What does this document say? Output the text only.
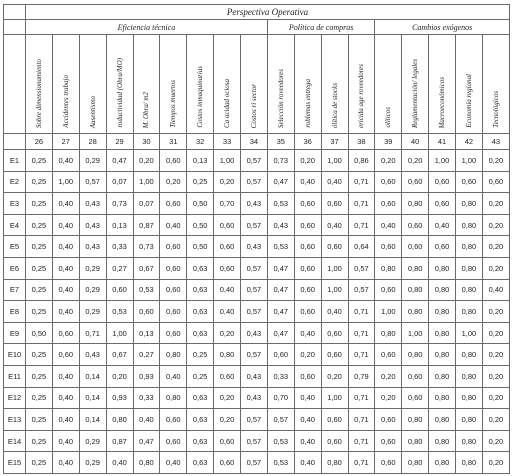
	Perspectiva Operativa																	
	Eficiencia técnica									Política de compras				Cambios exógenos				

	Sobre dimensionamiento	Accidentes trabajo	Ausentismo	roductividad (Obra/MO)	M. Obra/ m2	Tiempos muertos	Costos inmaquinarias	Ca acidad ociosa	Costos rí sector	Selección roveedores	roblemas entrega	ólítica de stocks	ericida age roveedores	olíticos	Reglamentación/ legales	Macroeconómicos	Economía regional	Tecnológicos

	26	27	28	29	30	31	32	33	34	35	36	37	38	39	40	41	42	43
E1	0,25	0,40	0,29	0,47	0,20	0,60	0,13	1,00	0,57	0,73	0,20	1,00	0,86	0,20	0,20	1,00	1,00	0,20
E2	0,25	1,00	0,57	0,07	1,00	0,20	0,25	0,20	0,57	0,47	0,40	0,40	0,71	0,60	0,60	0,60	0,60	0,60
E3	0,25	0,40	0,43	0,73	0,07	0,60	0,50	0,70	0,43	0,53	0,60	0,60	0,71	0,60	0,80	0,60	0,80	0,20
E4	0,25	0,40	0,43	0,13	0,87	0,40	0,50	0,60	0,57	0,43	0,60	0,40	0,71	0,40	0,60	0,40	0,80	0,20
E5	0,25	0,40	0,43	0,33	0,73	0,60	0,50	0,60	0,43	0,53	0,60	0,60	0,64	0,60	0,60	0,60	0,80	0,20
E6	0,25	0,40	0,29	0,27	0,67	0,60	0,63	0,60	0,57	0,47	0,60	1,00	0,57	0,80	0,80	0,80	0,80	0,20
E7	0,25	0,40	0,29	0,60	0,53	0,60	0,63	0,40	0,57	0,47	0,60	1,00	0,57	0,60	0,80	0,80	0,80	0,40
E8	0,25	0,40	0,29	0,53	0,60	0,60	0,63	0,40	0,57	0,47	0,60	0,40	0,71	1,00	0,80	0,80	0,80	0,20
E9	0,50	0,60	0,71	1,00	0,13	0,60	0,63	0,20	0,43	0,47	0,40	0,60	0,71	0,80	1,00	0,80	1,00	0,20
E10	0,25	0,60	0,43	0,67	0,27	0,80	0,25	0,80	0,57	0,60	0,20	0,60	0,71	0,60	0,80	0,80	0,80	0,20
E11	0,25	0,40	0,14	0,20	0,93	0,40	0,25	0,60	0,43	0,33	0,60	0,20	0,79	0,20	0,60	0,80	0,80	0,20
E12	0,25	0,40	0,14	0,93	0,33	0,80	0,63	0,20	0,43	0,70	0,40	1,00	0,71	0,20	0,60	0,80	0,80	0,20
E13	0,25	0,40	0,14	0,80	0,40	0,60	0,63	0,20	0,57	0,57	0,40	0,60	0,71	0,60	0,80	0,80	0,80	0,20
E14	0,25	0,40	0,29	0,87	0,47	0,60	0,63	0,60	0,57	0,53	0,40	0,60	0,71	0,60	0,80	0,80	0,80	0,20
E15	0,25	0,40	0,29	0,40	0,80	0,40	0,63	0,60	0,57	0,53	0,40	0,80	0,71	0,60	0,80	0,80	0,80	0,20
